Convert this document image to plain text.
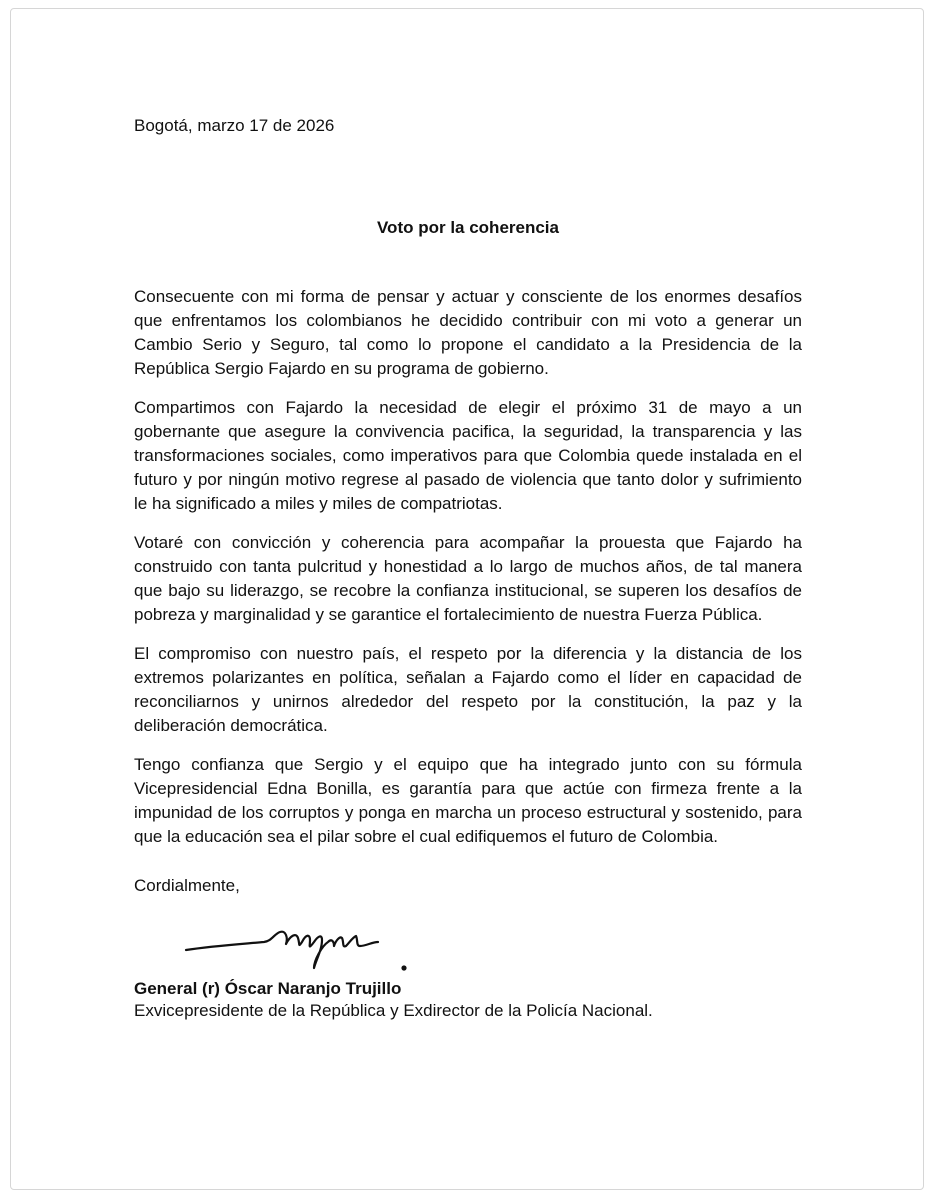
Bogotá, marzo 17 de 2026
Voto por la coherencia

Consecuente con mi forma de pensar y actuar y consciente de los enormes desafíos que enfrentamos los colombianos he decidido contribuir con mi voto a generar un Cambio Serio y Seguro, tal como lo propone el candidato a la Presidencia de la República Sergio Fajardo en su programa de gobierno.

Compartimos con Fajardo la necesidad de elegir el próximo 31 de mayo a un gobernante que asegure la convivencia pacifica, la seguridad, la transparencia y las transformaciones sociales, como imperativos para que Colombia quede instalada en el futuro y por ningún motivo regrese al pasado de violencia que tanto dolor y sufrimiento le ha significado a miles y miles de compatriotas.

Votaré con convicción y coherencia para acompañar la prouesta que Fajardo ha construido con tanta pulcritud y honestidad a lo largo de muchos años, de tal manera que bajo su liderazgo, se recobre la confianza institucional, se superen los desafíos de pobreza y marginalidad y se garantice el fortalecimiento de nuestra Fuerza Pública.

El compromiso con nuestro país, el respeto por la diferencia y la distancia de los extremos polarizantes en política, señalan a Fajardo como el líder en capacidad de reconciliarnos y unirnos alrededor del respeto por la constitución, la paz y la deliberación democrática.

Tengo confianza que Sergio y el equipo que ha integrado junto con su fórmula Vicepresidencial Edna Bonilla, es garantía para que actúe con firmeza frente a la impunidad de los corruptos y ponga en marcha un proceso estructural y sostenido, para que la educación sea el pilar sobre el cual edifiquemos el futuro de Colombia.

Cordialmente,
General (r) Óscar Naranjo Trujillo
Exvicepresidente de la República y Exdirector de la Policía Nacional.
